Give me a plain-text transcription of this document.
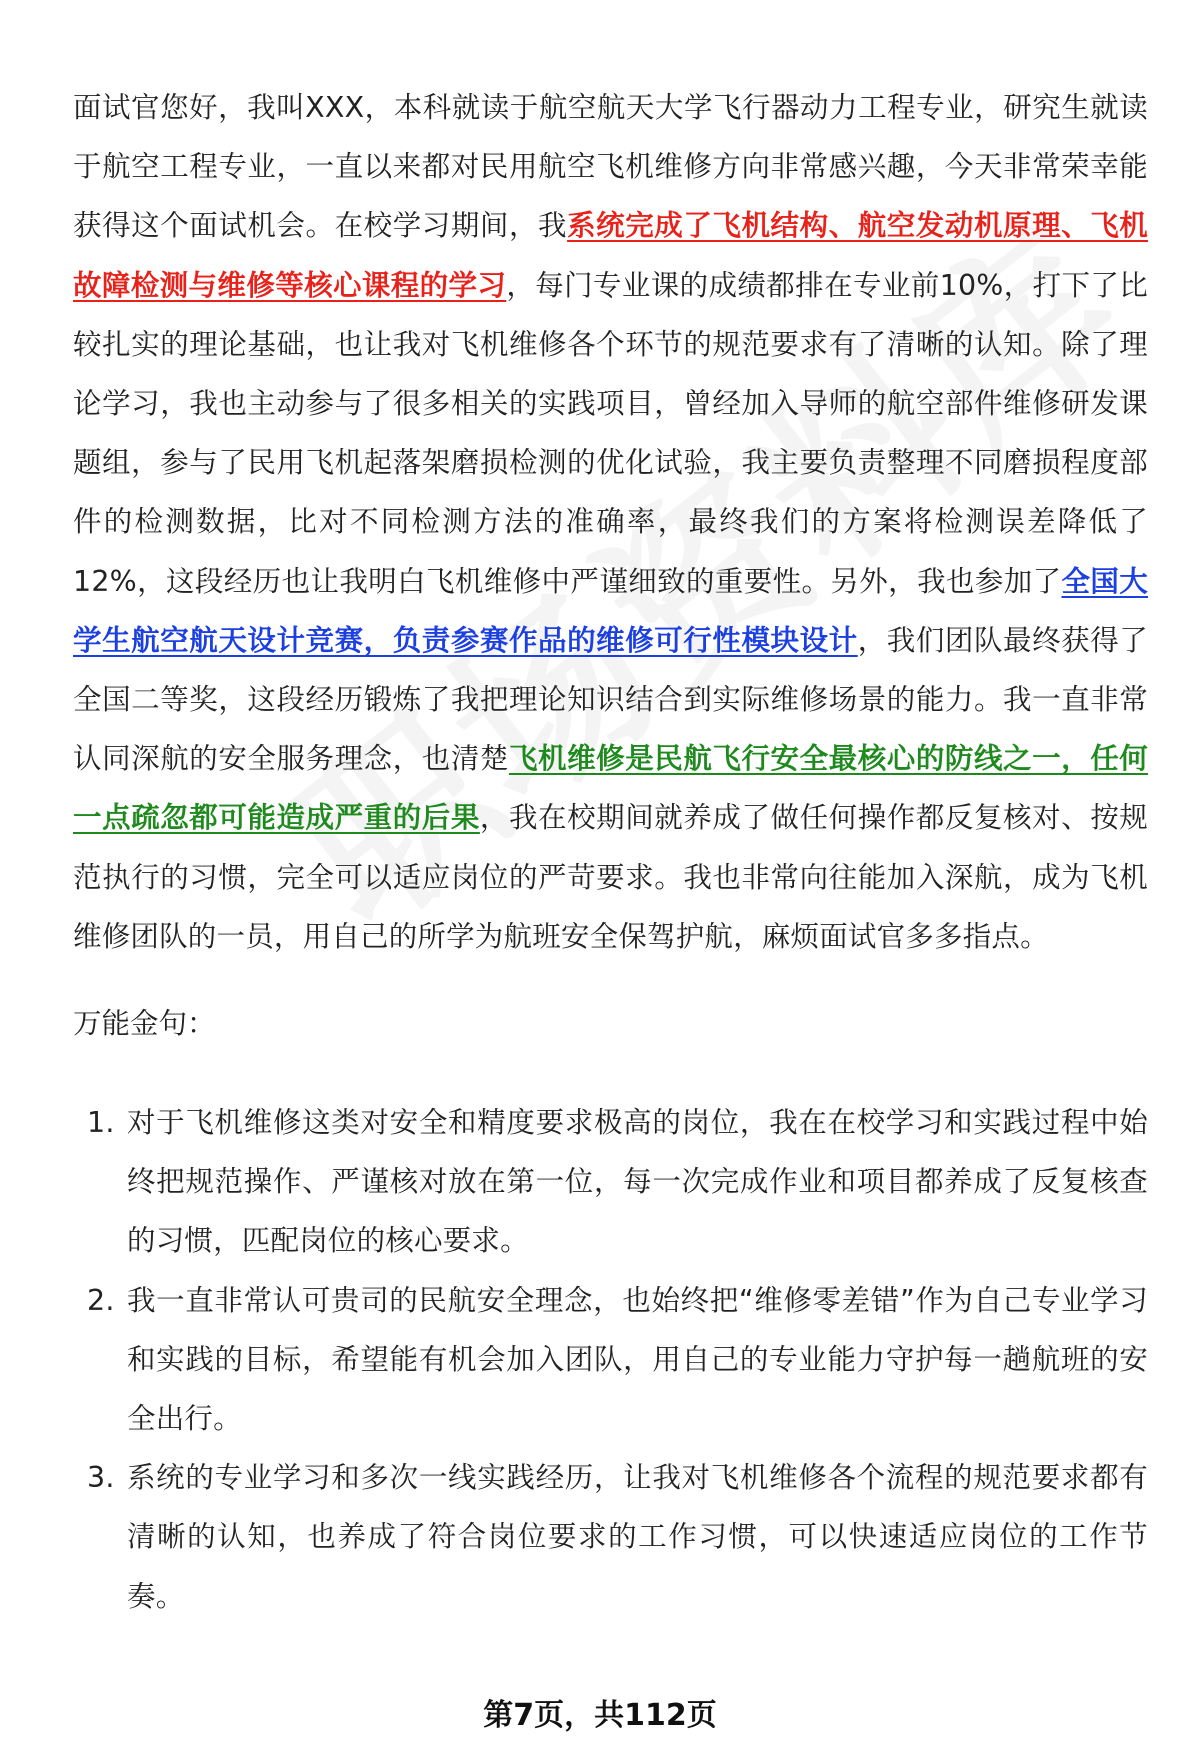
面试官您好，我叫XXX，本科就读于航空航天大学飞行器动力工程专业，研究生就读于航空工程专业，一直以来都对民用航空飞机维修方向非常感兴趣，今天非常荣幸能获得这个面试机会。在校学习期间，我系统完成了飞机结构、航空发动机原理、飞机故障检测与维修等核心课程的学习，每门专业课的成绩都排在专业前10%，打下了比较扎实的理论基础，也让我对飞机维修各个环节的规范要求有了清晰的认知。除了理论学习，我也主动参与了很多相关的实践项目，曾经加入导师的航空部件维修研发课题组，参与了民用飞机起落架磨损检测的优化试验，我主要负责整理不同磨损程度部件的检测数据，比对不同检测方法的准确率，最终我们的方案将检测误差降低了12%，这段经历也让我明白飞机维修中严谨细致的重要性。另外，我也参加了全国大学生航空航天设计竞赛，负责参赛作品的维修可行性模块设计，我们团队最终获得了全国二等奖，这段经历锻炼了我把理论知识结合到实际维修场景的能力。我一直非常认同深航的安全服务理念，也清楚飞机维修是民航飞行安全最核心的防线之一，任何一点疏忽都可能造成严重的后果，我在校期间就养成了做任何操作都反复核对、按规范执行的习惯，完全可以适应岗位的严苛要求。我也非常向往能加入深航，成为飞机维修团队的一员，用自己的所学为航班安全保驾护航，麻烦面试官多多指点。

万能金句：

1. 对于飞机维修这类对安全和精度要求极高的岗位，我在在校学习和实践过程中始终把规范操作、严谨核对放在第一位，每一次完成作业和项目都养成了反复核查的习惯，匹配岗位的核心要求。
2. 我一直非常认可贵司的民航安全理念，也始终把“维修零差错”作为自己专业学习和实践的目标，希望能有机会加入团队，用自己的专业能力守护每一趟航班的安全出行。
3. 系统的专业学习和多次一线实践经历，让我对飞机维修各个流程的规范要求都有清晰的认知，也养成了符合岗位要求的工作习惯，可以快速适应岗位的工作节奏。
第7页，共112页
